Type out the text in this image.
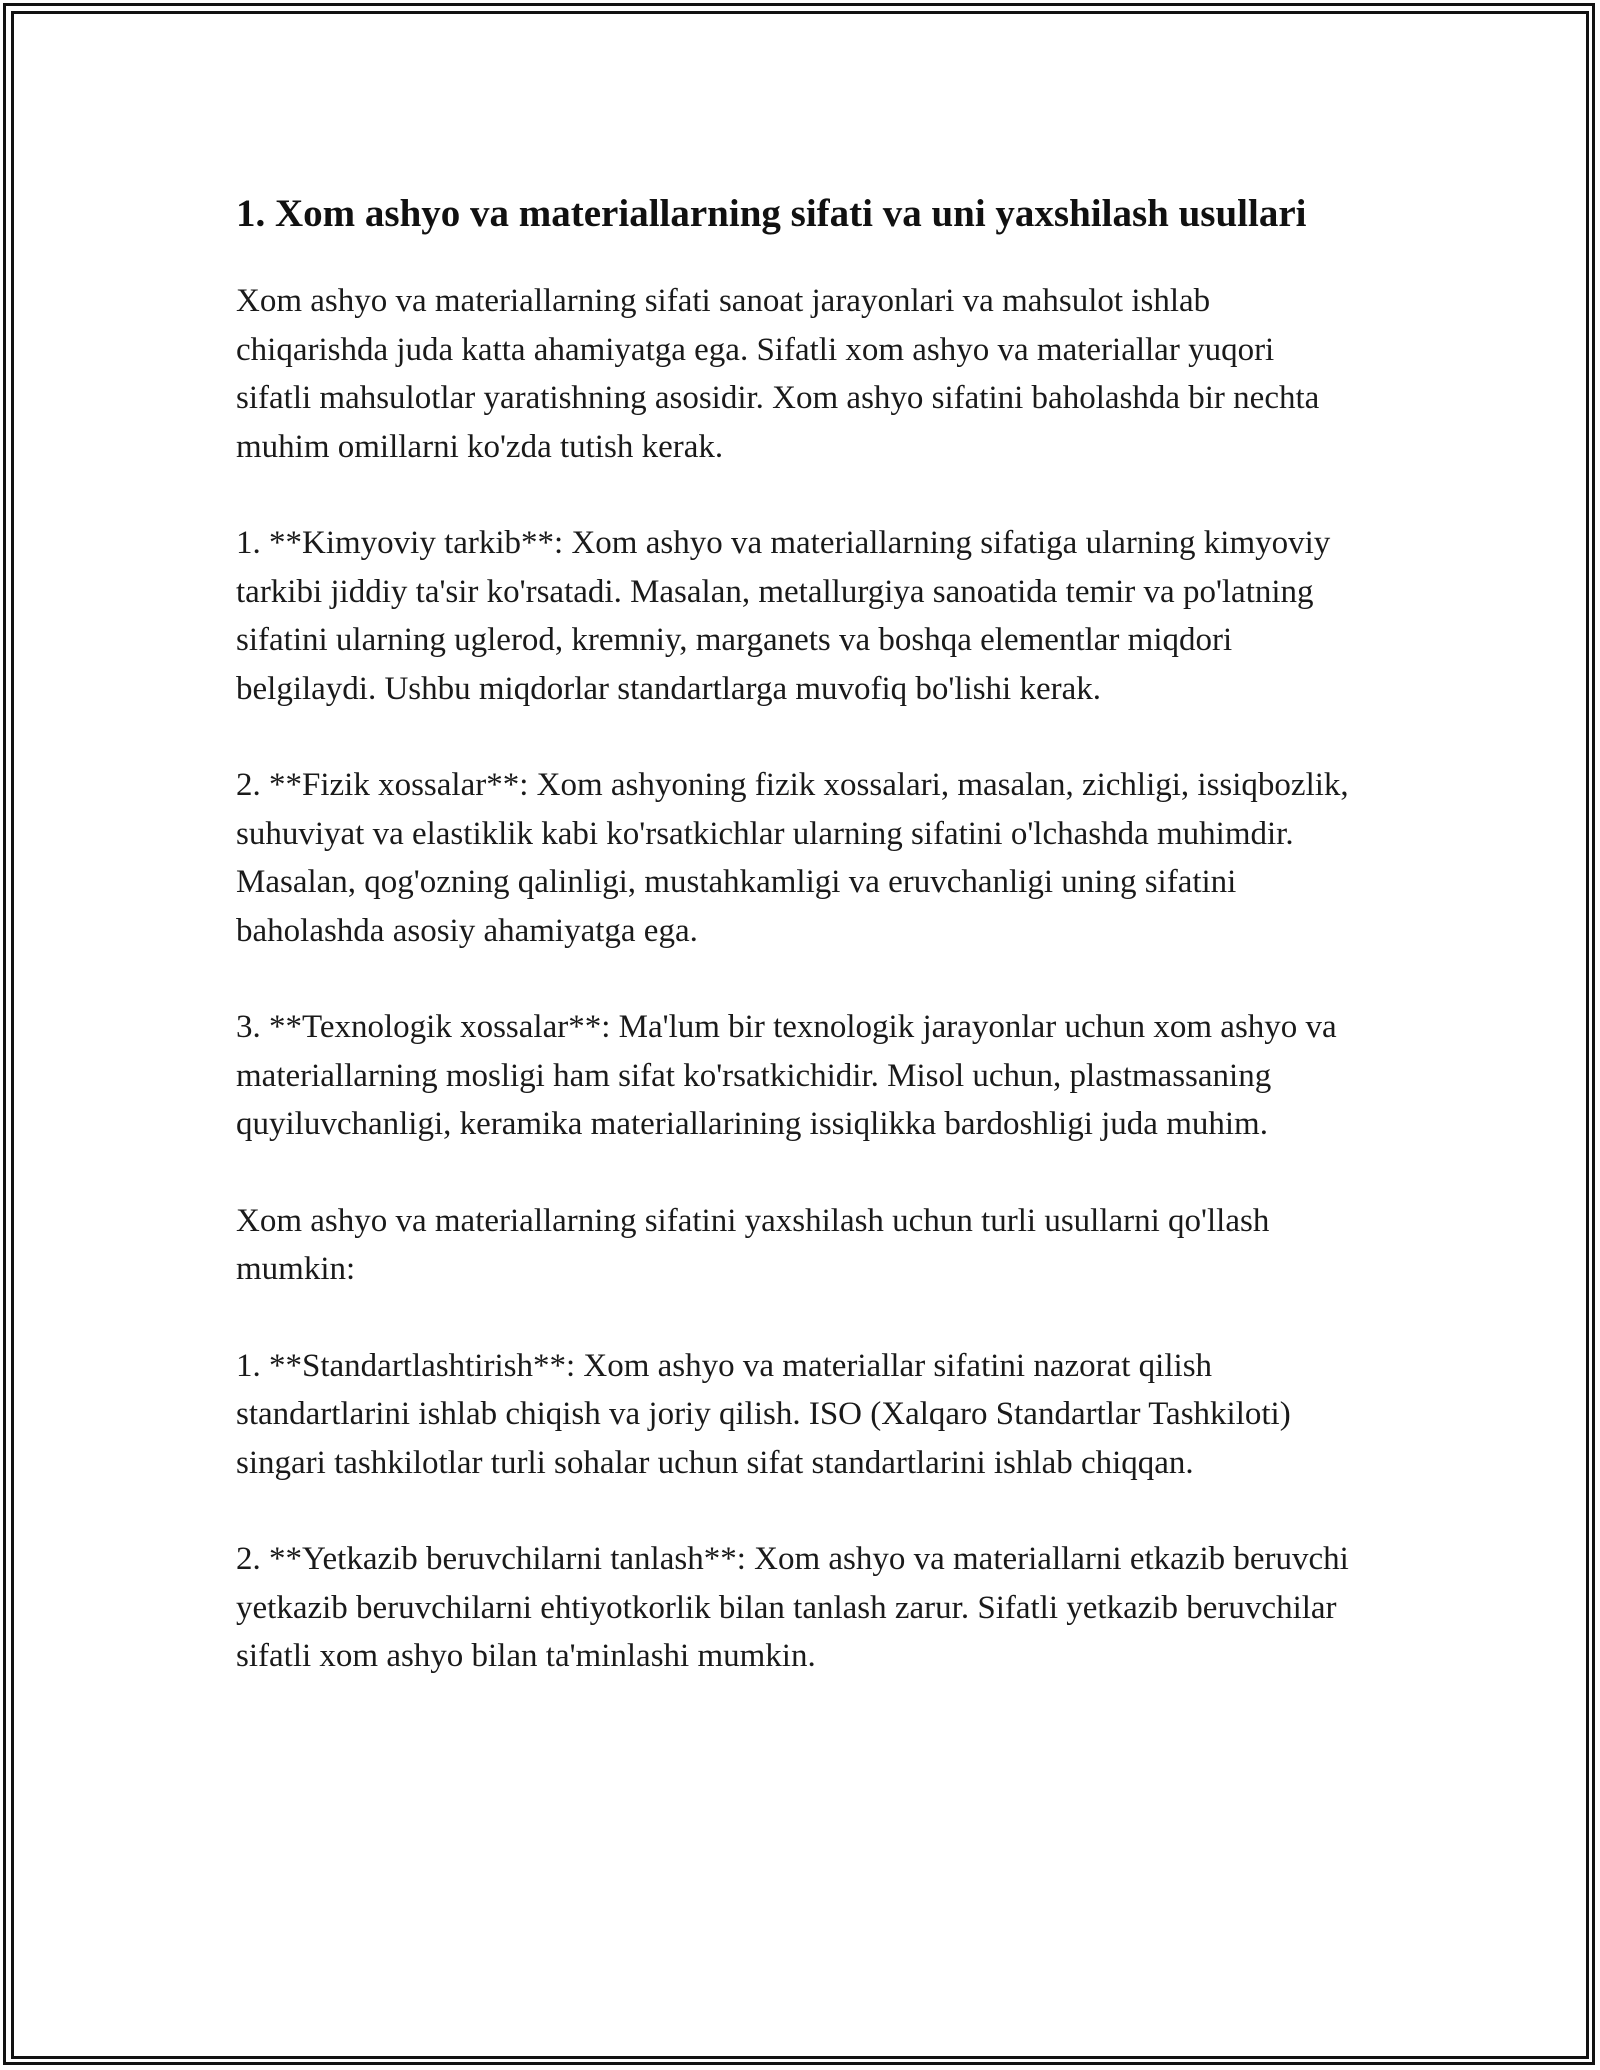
1. Xom ashyo va materiallarning sifati va uni yaxshilash usullari

Xom ashyo va materiallarning sifati sanoat jarayonlari va mahsulot ishlab chiqarishda juda katta ahamiyatga ega. Sifatli xom ashyo va materiallar yuqori sifatli mahsulotlar yaratishning asosidir. Xom ashyo sifatini baholashda bir nechta muhim omillarni ko'zda tutish kerak.

1. **Kimyoviy tarkib**: Xom ashyo va materiallarning sifatiga ularning kimyoviy tarkibi jiddiy ta'sir ko'rsatadi. Masalan, metallurgiya sanoatida temir va po'latning sifatini ularning uglerod, kremniy, marganets va boshqa elementlar miqdori belgilaydi. Ushbu miqdorlar standartlarga muvofiq bo'lishi kerak.

2. **Fizik xossalar**: Xom ashyoning fizik xossalari, masalan, zichligi, issiqbozlik, suhuviyat va elastiklik kabi ko'rsatkichlar ularning sifatini o'lchashda muhimdir. Masalan, qog'ozning qalinligi, mustahkamligi va eruvchanligi uning sifatini baholashda asosiy ahamiyatga ega.

3. **Texnologik xossalar**: Ma'lum bir texnologik jarayonlar uchun xom ashyo va materiallarning mosligi ham sifat ko'rsatkichidir. Misol uchun, plastmassaning quyiluvchanligi, keramika materiallarining issiqlikka bardoshligi juda muhim.

Xom ashyo va materiallarning sifatini yaxshilash uchun turli usullarni qo'llash mumkin:

1. **Standartlashtirish**: Xom ashyo va materiallar sifatini nazorat qilish standartlarini ishlab chiqish va joriy qilish. ISO (Xalqaro Standartlar Tashkiloti) singari tashkilotlar turli sohalar uchun sifat standartlarini ishlab chiqqan.

2. **Yetkazib beruvchilarni tanlash**: Xom ashyo va materiallarni etkazib beruvchi yetkazib beruvchilarni ehtiyotkorlik bilan tanlash zarur. Sifatli yetkazib beruvchilar sifatli xom ashyo bilan ta'minlashi mumkin.
